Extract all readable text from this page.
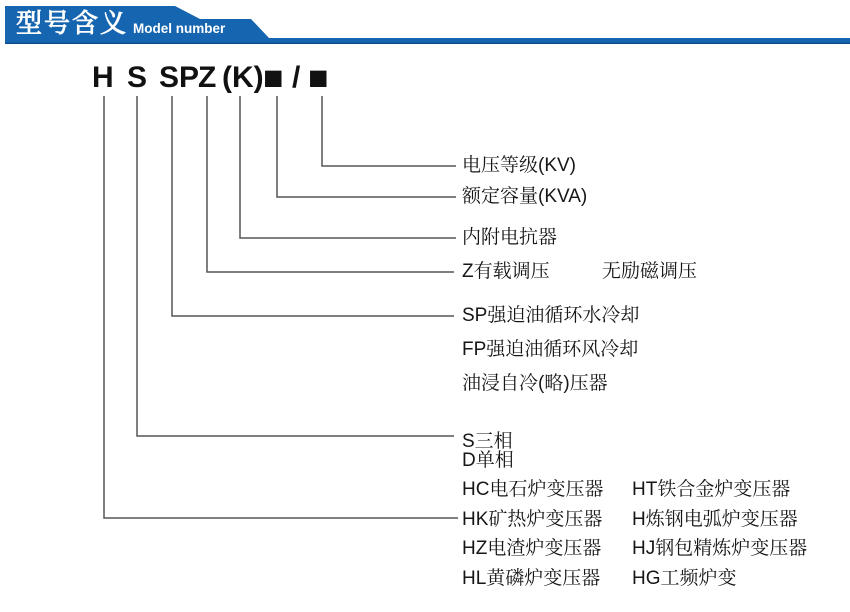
型号含义 Model number
H S SP
Z (K) ■ / ■
电压等级(KV)
额定容量(KVA)
内附电抗器
Z有载调压	无励磁调压
SP强迫油循环水冷却
FP强迫油循环风冷却
油浸自冷(略)压器
S三相
D单相
HC电石炉变压器
HK矿热炉变压器
HZ电渣炉变压器
HL黄磷炉变压器
HT铁合金炉变压器
H炼钢电弧炉变压器
HJ钢包精炼炉变压器
HG工频炉变
